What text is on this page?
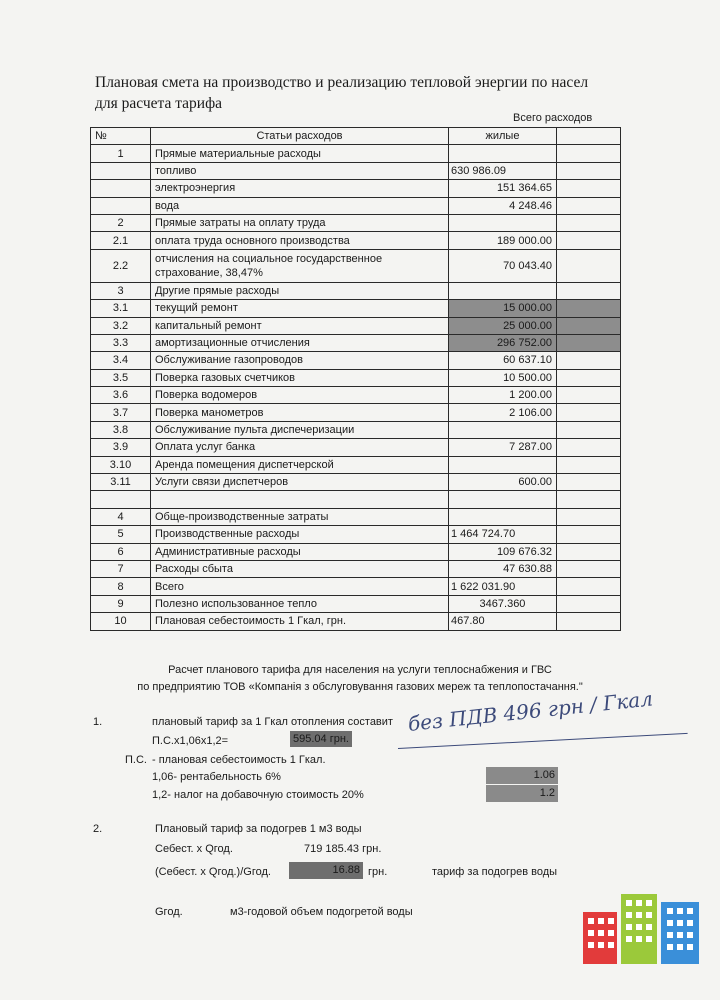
Плановая смета на производство и реализацию тепловой энергии по насел
для расчета тарифа
Всего расходов
№	Статьи расходов	жилые	
1	Прямые материальные расходы		
	топливо	630 986.09	
	электроэнергия	151 364.65	
	вода	4 248.46	
2	Прямые затраты на оплату труда		
2.1	оплата труда основного производства	189 000.00	
2.2	отчисления на социальное государственное страхование, 38,47%	70 043.40	
3	Другие прямые расходы		
3.1	текущий ремонт	15 000.00	
3.2	капитальный ремонт	25 000.00	
3.3	амортизационные отчисления	296 752.00	
3.4	Обслуживание газопроводов	60 637.10	
3.5	Поверка газовых счетчиков	10 500.00	
3.6	Поверка водомеров	1 200.00	
3.7	Поверка манометров	2 106.00	
3.8	Обслуживание пульта диспечеризации		
3.9	Оплата услуг банка	7 287.00	
3.10	Аренда помещения диспетчерской		
3.11	Услуги связи диспетчеров	600.00	

4	Обще-производственные затраты		
5	Производственные расходы	1 464 724.70	
6	Административные расходы	109 676.32	
7	Расходы сбыта	47 630.88	
8	Всего	1 622 031.90	
9	Полезно использованное тепло	3467.360	
10	Плановая себестоимость 1 Гкал, грн.	467.80	
Расчет планового тарифа для населения на услуги теплоснабжения и ГВС
по предприятию ТОВ «Компанія з обслуговування газових мереж та теплопостачання."
1.	плановый тариф за 1 Гкал отопления составит
П.С.х1,06х1,2=	595.04 грн.
П.С. - плановая себестоимость 1 Гкал.
1,06- рентабельность 6%	1.06
1,2- налог на добавочную стоимость 20%	1.2
2.	Плановый тариф за подогрев 1 м3 воды
Себест. х Qгод.	719 185.43 грн.
(Себест. х Qгод.)/Gгод.	16.88 грн.	тариф за подогрев воды
Gгод.	м3-годовой объем подогретой воды
без ПДВ 496 грн / Гкал
